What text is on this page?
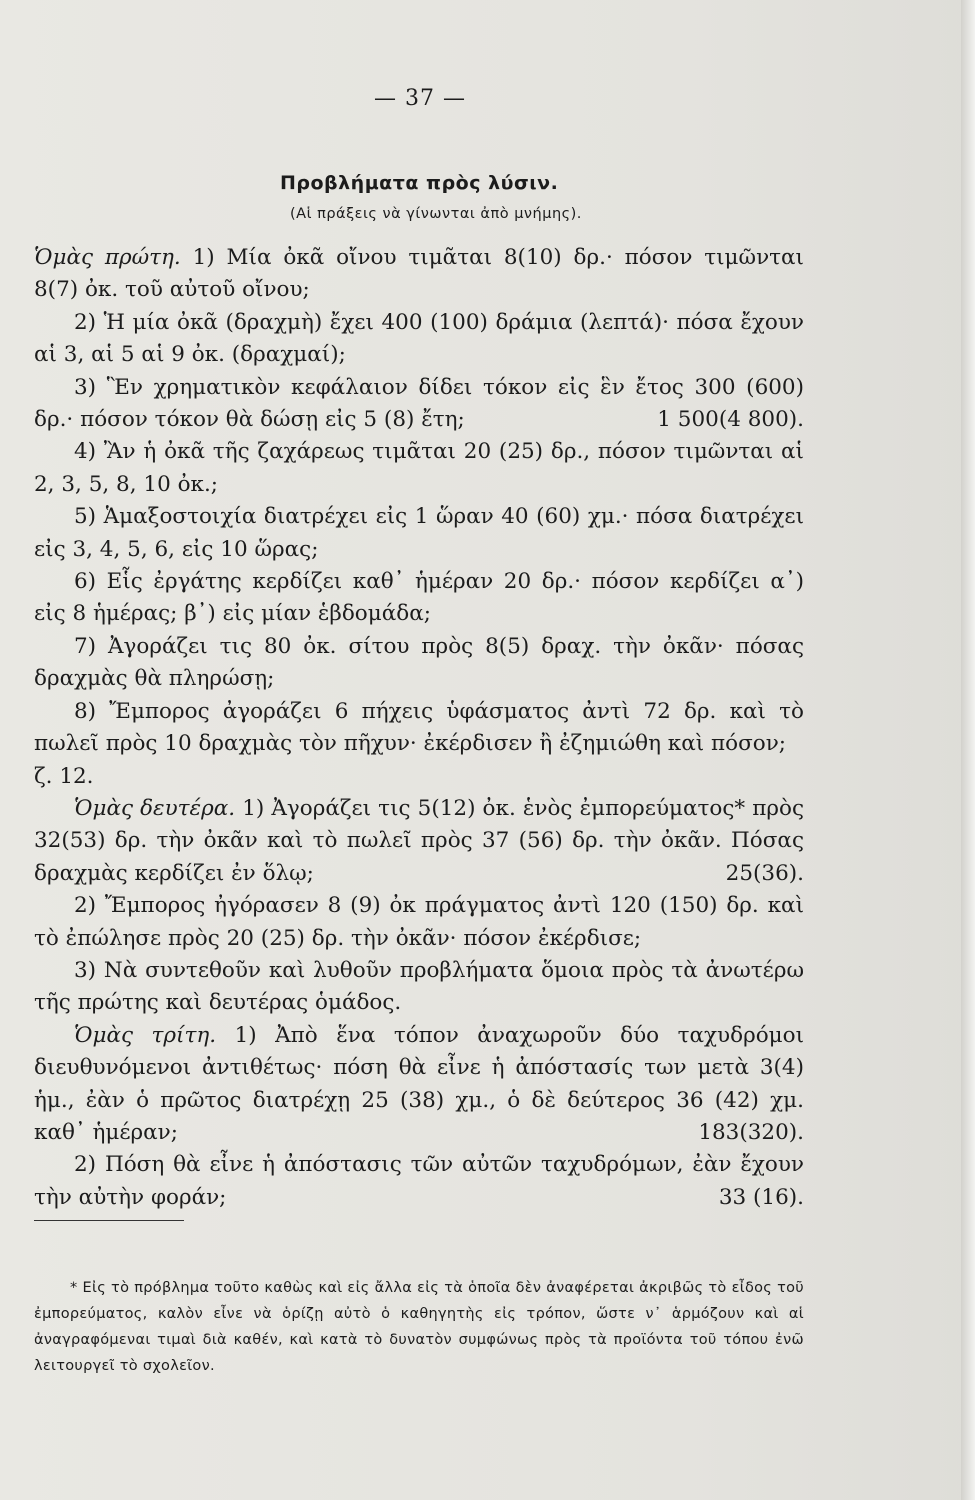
— 37 —
Προβλήματα πρὸς λύσιν.
(Αἱ πράξεις νὰ γίνωνται ἀπὸ μνήμης).

Ὁμὰς πρώτη. 1) Μία ὀκᾶ οἴνου τιμᾶται 8(10) δρ.· πόσον τιμῶνται 8(7) ὀκ. τοῦ αὐτοῦ οἴνου;

2) Ἡ μία ὀκᾶ (δραχμὴ) ἔχει 400 (100) δράμια (λεπτά)· πόσα ἔχουν αἱ 3, αἱ 5 αἱ 9 ὀκ. (δραχμαί);

3) Ἓν χρηματικὸν κεφάλαιον δίδει τόκον εἰς ἓν ἔτος 300 (600) δρ.· πόσον τόκον θὰ δώσῃ εἰς 5 (8) ἔτη;	1 500(4 800).

4) Ἂν ἡ ὀκᾶ τῆς ζαχάρεως τιμᾶται 20 (25) δρ., πόσον τιμῶνται αἱ 2, 3, 5, 8, 10 ὀκ.;

5) Ἁμαξοστοιχία διατρέχει εἰς 1 ὥραν 40 (60) χμ.· πόσα διατρέχει εἰς 3, 4, 5, 6, εἰς 10 ὥρας;

6) Εἷς ἐργάτης κερδίζει καθ᾽ ἡμέραν 20 δρ.· πόσον κερδίζει α᾽) εἰς 8 ἡμέρας; β᾽) εἰς μίαν ἑβδομάδα;

7) Ἀγοράζει τις 80 ὀκ. σίτου πρὸς 8(5) δραχ. τὴν ὀκᾶν· πόσας δραχμὰς θὰ πληρώσῃ;

8) Ἔμπορος ἀγοράζει 6 πήχεις ὑφάσματος ἀντὶ 72 δρ. καὶ τὸ πωλεῖ πρὸς 10 δραχμὰς τὸν πῆχυν· ἐκέρδισεν ἢ ἐζημιώθη καὶ πόσον;

ζ. 12.

Ὁμὰς δευτέρα. 1) Ἀγοράζει τις 5(12) ὀκ. ἑνὸς ἐμπορεύματος* πρὸς 32(53) δρ. τὴν ὀκᾶν καὶ τὸ πωλεῖ πρὸς 37 (56) δρ. τὴν ὀκᾶν. Πόσας δραχμὰς κερδίζει ἐν ὅλῳ;	25(36).

2) Ἔμπορος ἠγόρασεν 8 (9) ὀκ πράγματος ἀντὶ 120 (150) δρ. καὶ τὸ ἐπώλησε πρὸς 20 (25) δρ. τὴν ὀκᾶν· πόσον ἐκέρδισε;

3) Νὰ συντεθοῦν καὶ λυθοῦν προβλήματα ὅμοια πρὸς τὰ ἀνωτέρω τῆς πρώτης καὶ δευτέρας ὁμάδος.

Ὁμὰς τρίτη. 1) Ἀπὸ ἕνα τόπον ἀναχωροῦν δύο ταχυδρόμοι διευθυνόμενοι ἀντιθέτως· πόση θὰ εἶνε ἡ ἀπόστασίς των μετὰ 3(4) ἡμ., ἐὰν ὁ πρῶτος διατρέχῃ 25 (38) χμ., ὁ δὲ δεύτερος 36 (42) χμ. καθ᾽ ἡμέραν;	183(320).

2) Πόση θὰ εἶνε ἡ ἀπόστασις τῶν αὐτῶν ταχυδρόμων, ἐὰν ἔχουν τὴν αὐτὴν φοράν;	33 (16).

* Εἰς τὸ πρόβλημα τοῦτο καθὼς καὶ εἰς ἄλλα εἰς τὰ ὁποῖα δὲν ἀναφέρεται ἀκριβῶς τὸ εἶδος τοῦ ἐμπορεύματος, καλὸν εἶνε νὰ ὁρίζῃ αὐτὸ ὁ καθηγητὴς εἰς τρόπον, ὥστε ν᾽ ἁρμόζουν καὶ αἱ ἀναγραφόμεναι τιμαὶ διὰ καθέν, καὶ κατὰ τὸ δυνατὸν συμφώνως πρὸς τὰ προϊόντα τοῦ τόπου ἐνῶ λειτουργεῖ τὸ σχολεῖον.
